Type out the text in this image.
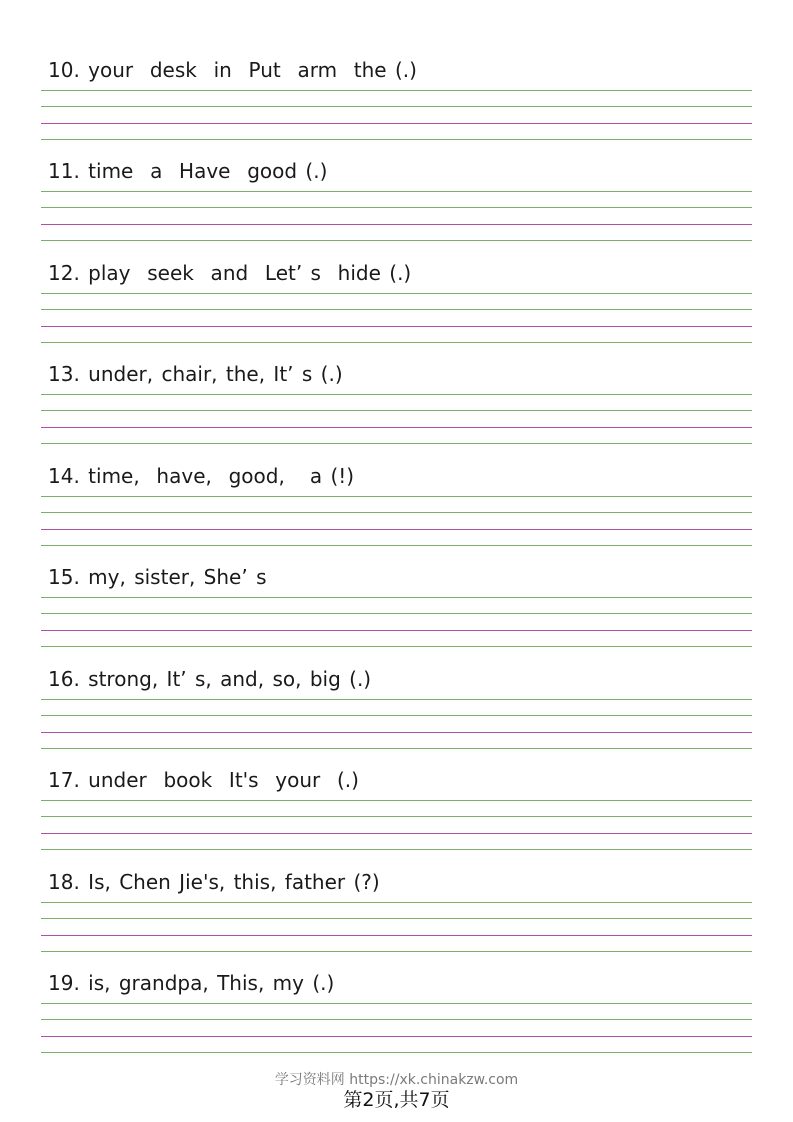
10. your  desk  in  Put  arm  the (.)
11. time  a  Have  good (.)
12. play  seek  and  Let’ s  hide (.)
13. under, chair, the, It’ s (.)
14. time,  have,  good,   a (!)
15. my, sister, She’ s
16. strong, It’ s, and, so, big (.)
17. under  book  It's  your  (.)
18. Is, Chen Jie's, this, father (?)
19. is, grandpa, This, my (.)
学习资料网 https://xk.chinakzw.com
第2页,共7页
